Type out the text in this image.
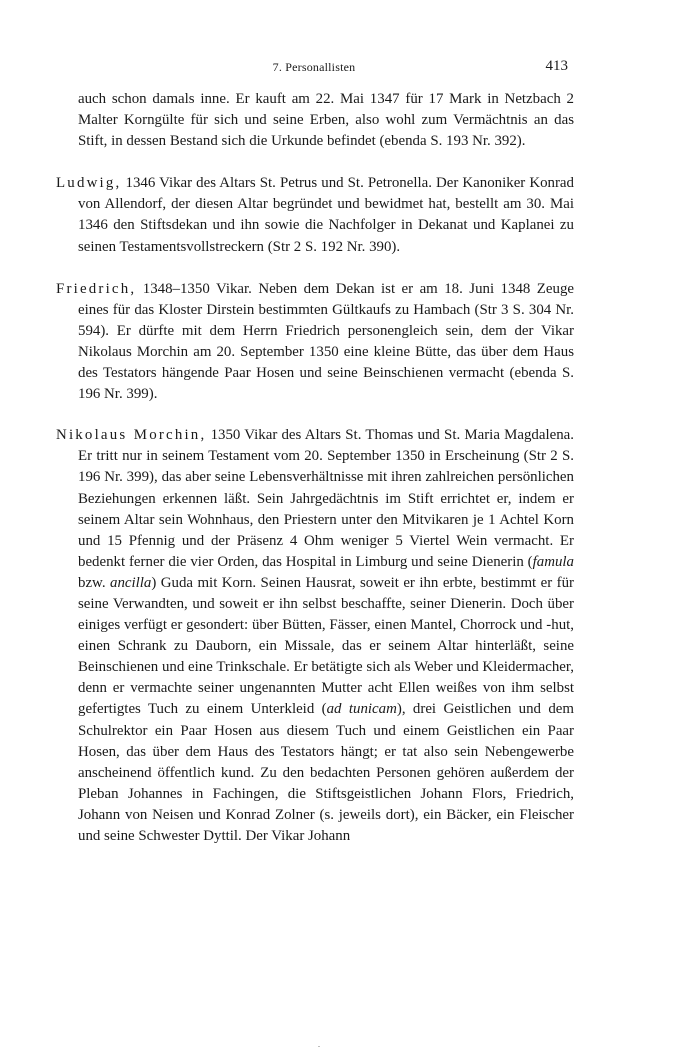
7. Personallisten	413

auch schon damals inne. Er kauft am 22. Mai 1347 für 17 Mark in Netzbach 2 Malter Korngülte für sich und seine Erben, also wohl zum Vermächtnis an das Stift, in dessen Bestand sich die Urkunde befindet (ebenda S. 193 Nr. 392).

Ludwig, 1346 Vikar des Altars St. Petrus und St. Petronella. Der Kanoniker Konrad von Allendorf, der diesen Altar begründet und bewidmet hat, bestellt am 30. Mai 1346 den Stiftsdekan und ihn sowie die Nachfolger in Dekanat und Kaplanei zu seinen Testamentsvollstreckern (Str 2 S. 192 Nr. 390).

Friedrich, 1348–1350 Vikar. Neben dem Dekan ist er am 18. Juni 1348 Zeuge eines für das Kloster Dirstein bestimmten Gültkaufs zu Hambach (Str 3 S. 304 Nr. 594). Er dürfte mit dem Herrn Friedrich personengleich sein, dem der Vikar Nikolaus Morchin am 20. September 1350 eine kleine Bütte, das über dem Haus des Testators hängende Paar Hosen und seine Beinschienen vermacht (ebenda S. 196 Nr. 399).

Nikolaus Morchin, 1350 Vikar des Altars St. Thomas und St. Maria Magdalena. Er tritt nur in seinem Testament vom 20. September 1350 in Erscheinung (Str 2 S. 196 Nr. 399), das aber seine Lebensverhältnisse mit ihren zahlreichen persönlichen Beziehungen erkennen läßt. Sein Jahrgedächtnis im Stift errichtet er, indem er seinem Altar sein Wohnhaus, den Priestern unter den Mitvikaren je 1 Achtel Korn und 15 Pfennig und der Präsenz 4 Ohm weniger 5 Viertel Wein vermacht. Er bedenkt ferner die vier Orden, das Hospital in Limburg und seine Dienerin (famula bzw. ancilla) Guda mit Korn. Seinen Hausrat, soweit er ihn erbte, bestimmt er für seine Verwandten, und soweit er ihn selbst beschaffte, seiner Dienerin. Doch über einiges verfügt er gesondert: über Bütten, Fässer, einen Mantel, Chorrock und -hut, einen Schrank zu Dauborn, ein Missale, das er seinem Altar hinterläßt, seine Beinschienen und eine Trinkschale. Er betätigte sich als Weber und Kleidermacher, denn er vermachte seiner ungenannten Mutter acht Ellen weißes von ihm selbst gefertigtes Tuch zu einem Unterkleid (ad tunicam), drei Geistlichen und dem Schulrektor ein Paar Hosen aus diesem Tuch und einem Geistlichen ein Paar Hosen, das über dem Haus des Testators hängt; er tat also sein Nebengewerbe anscheinend öffentlich kund. Zu den bedachten Personen gehören außerdem der Pleban Johannes in Fachingen, die Stiftsgeistlichen Johann Flors, Friedrich, Johann von Neisen und Konrad Zolner (s. jeweils dort), ein Bäcker, ein Fleischer und seine Schwester Dyttil. Der Vikar Johann

.
